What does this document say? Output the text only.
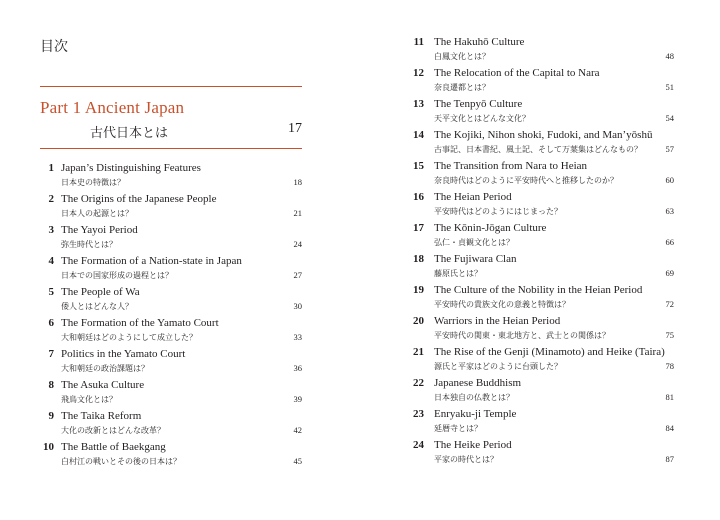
目次
Part 1 Ancient Japan
古代日本とは	17
1 Japan’s Distinguishing Features
日本史の特徴は？	18
2 The Origins of the Japanese People
日本人の起源とは？	21
3 The Yayoi Period
弥生時代とは？	24
4 The Formation of a Nation-state in Japan
日本での国家形成の過程とは？	27
5 The People of Wa
倭人とはどんな人？	30
6 The Formation of the Yamato Court
大和朝廷はどのようにして成立した？	33
7 Politics in the Yamato Court
大和朝廷の政治課題は？	36
8 The Asuka Culture
飛鳥文化とは？	39
9 The Taika Reform
大化の改新とはどんな改革？	42
10 The Battle of Baekgang
白村江の戦いとその後の日本は？	45
11 The Hakuhō Culture
白鳳文化とは？	48
12 The Relocation of the Capital to Nara
奈良遷都とは？	51
13 The Tenpyō Culture
天平文化とはどんな文化？	54
14 The Kojiki, Nihon shoki, Fudoki, and Man’yōshū
古事記、日本書紀、風土記、そして万葉集はどんなもの？	57
15 The Transition from Nara to Heian
奈良時代はどのように平安時代へと推移したのか？	60
16 The Heian Period
平安時代はどのようにはじまった？	63
17 The Kōnin-Jōgan Culture
弘仁・貞観文化とは？	66
18 The Fujiwara Clan
藤原氏とは？	69
19 The Culture of the Nobility in the Heian Period
平安時代の貴族文化の意義と特徴は？	72
20 Warriors in the Heian Period
平安時代の関東・東北地方と、武士との関係は？	75
21 The Rise of the Genji (Minamoto) and Heike (Taira)
源氏と平家はどのように台頭した？	78
22 Japanese Buddhism
日本独自の仏教とは？	81
23 Enryaku-ji Temple
延暦寺とは？	84
24 The Heike Period
平家の時代とは？	87
